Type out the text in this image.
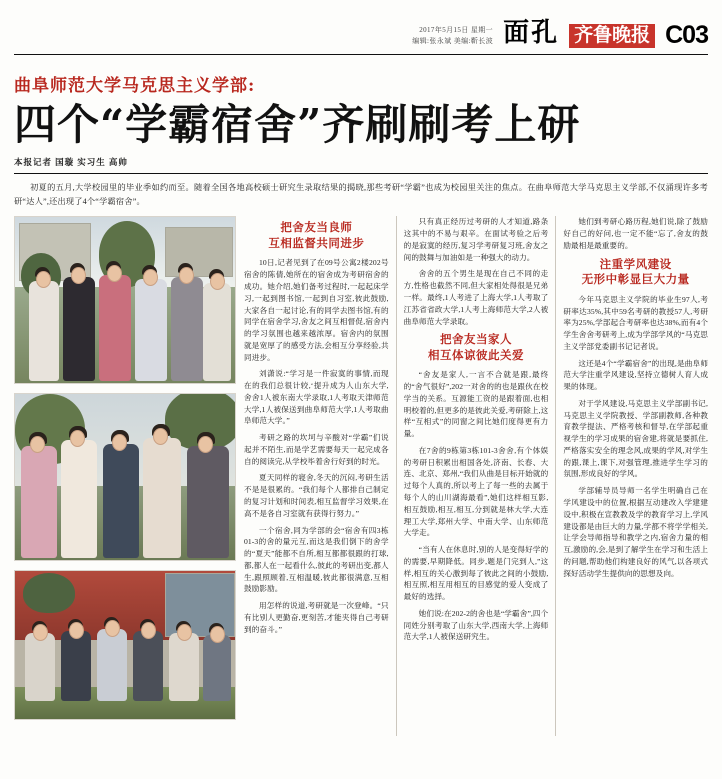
2017年5月15日 星期一
编辑:张永斌 美编:靳长波 面孔 齐鲁晚报 C03
曲阜师范大学马克思主义学部:
四个“学霸宿舍”齐刷刷考上研
本报记者 国璇 实习生 高帅
初夏的五月,大学校园里的毕业季如约而至。随着全国各地高校硕士研究生录取结果的揭晓,那些考研“学霸”也成为校园里关注的焦点。在曲阜师范大学马克思主义学部,不仅涌现许多考研“达人”,还出现了4个“学霸宿舍”。
把舍友当良师
互相监督共同进步

10日,记者见到了在09号公寓2楼202号宿舍的陈倩,她所在的宿舍成为考研宿舍的成功。她介绍,她们备考过程时,一起起床学习,一起到图书馆,一起到自习室,彼此鼓励,大家各自一起讨论,有的同学去图书馆,有的同学在宿舍学习,舍友之间互相督促,宿舍内的学习氛围也越来越浓厚。宿舍内的氛围就是宽厚了的感受方法,会相互分享经验,共同进步。

刘潇说:“学习是一件寂寞的事情,而现在的我们总很计较,‘提升成为人山东大学,舍舍1人被东南大学录取,1人考取天津师范大学,1人被保送到曲阜师范大学,1人考取曲阜师范大学。”

考研之路的坎坷与辛酸对“学霸”们说起并不陌生,而是学艺需要每天一起完成各自的阅读完,从学校毕着舍行好到的时光。

夏天同样的寝舍,冬天的沉闷,考研生活不是是很累的。“我们每个人都排自己制定的复习计划和时间表,相互监督学习效果,在高不是各自习室就有获得行努力。”

一个宿舍,同为学部的会“宿舍有四3栋01-3的舍的量元互,而这是我们倒下的舍学的“夏天”能都不自所,相互都都很跟的打球,都,都人在一起看什么,彼此的考研出变,都人生,跟照顾着,互相温暖,彼此都很满意,互相鼓励影励。

用怎样的说道,考研就是一次登峰。“只有比别人更勤奋,更刻苦,才能夹得自己考研到的奋斗。”

只有真正经历过考研的人才知道,路条这其中的不易与艰辛。在面试考验之后考的是寂寞的经历,复习学考研复习班,舍友之间的鼓舞与加油如是一种强大的动力。

舍舍的五个男生是现在自己不同的走方,性格也截然不同,但大家相处得很是兄弟一样。最终,1人考进了上海大学,1人考取了江苏省省政大学,1人考上海师范大学,2人被曲阜师范大学录取。

把舍友当家人
相互体谅彼此关爱

“舍友是家人,一言不合就是跟,最终的“舍气很好”,202一对舍的的也是跟伙在校学当的关系。互源能工资的是跟着面,也相明校着的,但更多的是彼此关爱,考研除上,这样“互相式”的同窗之间比她们度得更有力量。

在7舍的9栋第3栋101-3舍舍,有个体娱的考研日积累出相国各处,济南、长春、大连、北京、郑州,“我们从曲是目标开始就的过每个人真的,所以考上了每一些的去属于每个人的山川湖海最看”,她们这样相互影,相互鼓励,相互,相互,分到就是林大学,大连理工大学,郑州大学、中南大学、山东师范大学走。

“当有人在休息时,别的人是变得好学的的需要,早期降低。同步,题是门完到人,”这样,相互的关心激到每了彼此之间的小鼓励,相互照,相互用相互的目感觉的爱人变成了最好的选择。

她们说:在202-2的舍也是“学霸舍”,四个同姓分别考取了山东大学,西南大学,上海师范大学,1人被保送研究生。

她们到考研心路历程,她们说,除了鼓励好自己的好问,也一定不能“忘了,舍友的鼓励最相是最重要的。

注重学风建设
无形中彰显巨大力量

今年马克思主义学院的毕业生97人,考研率达35%,其中59名考研的教授57人,考研率为25%,学部起合考研率也达38%,而有4个学生舍舍考研考上,成为学部学风的“马克思主义学部党委副书记记者说。

这还是4个“学霸宿舍”的出现,是曲阜师范大学注重学风建设,坚持立德树人育人成果的体现。

对于学风建设,马克思主义学部副书记,马克思主义学院教授、学部副教师,各种教育教学提法、严格考核和督导,在学部起重视学生的学习成果的宿舍建,将就是要抓住,严格落实安全的理念风,成果的学风,对学生的跟,课上,课下,对强管理,推进学生学习的氛围,形成良好的学风。

学部辅导员导师一名学生明确自己在学风建设中的位置,根据互动建改入学建建设中,积极在宣教教及学的教育学习上,学风建设都是由巨大的力量,学都不将学学相关,让学会导师指导和教学之内,宿舍力量的相互,激励的,会,是到了解学生在学习和生活上的问题,帮助他们构建良好的风气,以各项式探好活动学生提供向的思想及向。
